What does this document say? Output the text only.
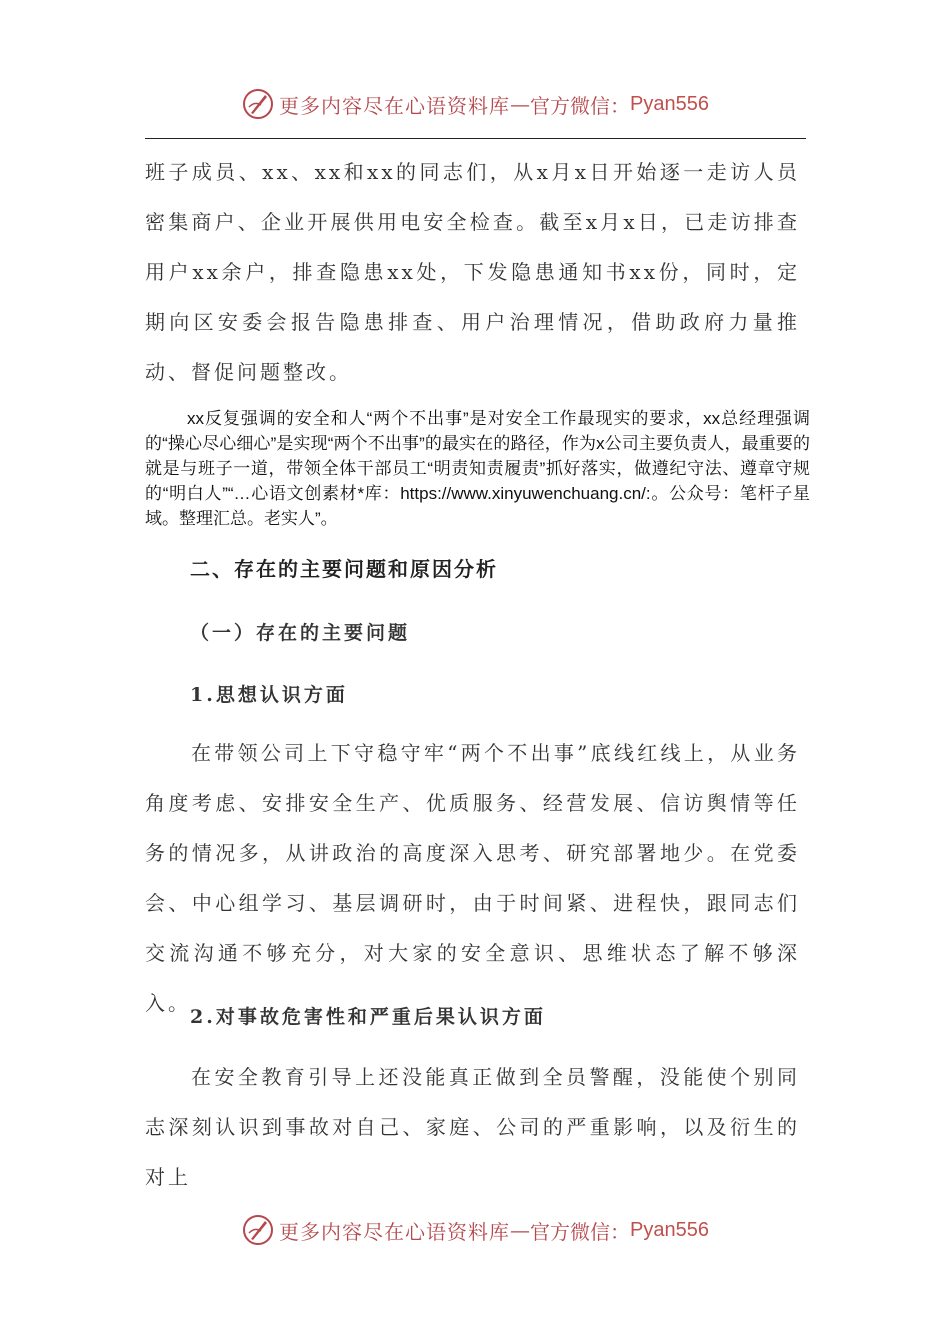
更多内容尽在心语资料库 — 官方微信： Pyan556

班子成员、xx、xx和xx的同志们，从x月x日开始逐一走访人员密集商户、企业开展供用电安全检查。截至x月x日，已走访排查用户xx余户，排查隐患xx处，下发隐患通知书xx份，同时，定期向区安委会报告隐患排查、用户治理情况，借助政府力量推动、督促问题整改。

xx反复强调的安全和人“两个不出事”是对安全工作最现实的要求，xx总经理强调的“操心尽心细心”是实现“两个不出事”的最实在的路径，作为x公司主要负责人，最重要的就是与班子一道，带领全体干部员工“明责知责履责”抓好落实，做遵纪守法、遵章守规的“明白人”“…心语文创素材*库：https://www.xinyuwenchuang.cn/:。公众号：笔杆子星域。整理汇总。老实人”。

二、存在的主要问题和原因分析
（一）存在的主要问题
1.思想认识方面

在带领公司上下守稳守牢“两个不出事”底线红线上，从业务角度考虑、安排安全生产、优质服务、经营发展、信访舆情等任务的情况多，从讲政治的高度深入思考、研究部署地少。在党委会、中心组学习、基层调研时，由于时间紧、进程快，跟同志们交流沟通不够充分，对大家的安全意识、思维状态了解不够深入。

2.对事故危害性和严重后果认识方面

在安全教育引导上还没能真正做到全员警醒，没能使个别同志深刻认识到事故对自己、家庭、公司的严重影响，以及衍生的对上

更多内容尽在心语资料库 — 官方微信： Pyan556
